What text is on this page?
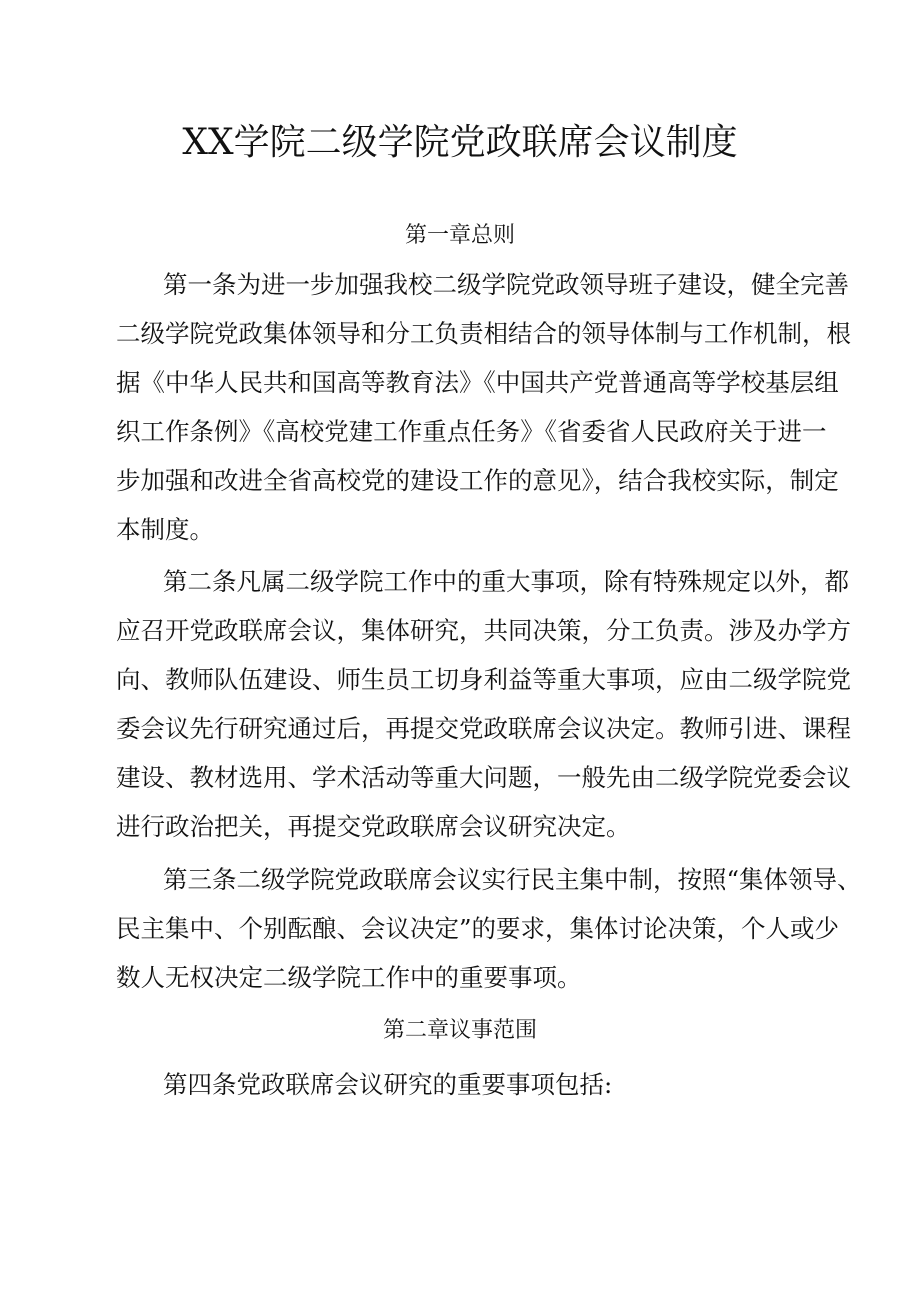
XX学院二级学院党政联席会议制度
第一章总则
第一条为进一步加强我校二级学院党政领导班子建设，健全完善
二级学院党政集体领导和分工负责相结合的领导体制与工作机制，根
据《中华人民共和国高等教育法》《中国共产党普通高等学校基层组
织工作条例》《高校党建工作重点任务》《省委省人民政府关于进一
步加强和改进全省高校党的建设工作的意见》，结合我校实际，制定
本制度。
第二条凡属二级学院工作中的重大事项，除有特殊规定以外，都
应召开党政联席会议，集体研究，共同决策，分工负责。涉及办学方
向、教师队伍建设、师生员工切身利益等重大事项，应由二级学院党
委会议先行研究通过后，再提交党政联席会议决定。教师引进、课程
建设、教材选用、学术活动等重大问题，一般先由二级学院党委会议
进行政治把关，再提交党政联席会议研究决定。
第三条二级学院党政联席会议实行民主集中制，按照“集体领导、
民主集中、个别酝酿、会议决定”的要求，集体讨论决策，个人或少
数人无权决定二级学院工作中的重要事项。
第二章议事范围
第四条党政联席会议研究的重要事项包括:
